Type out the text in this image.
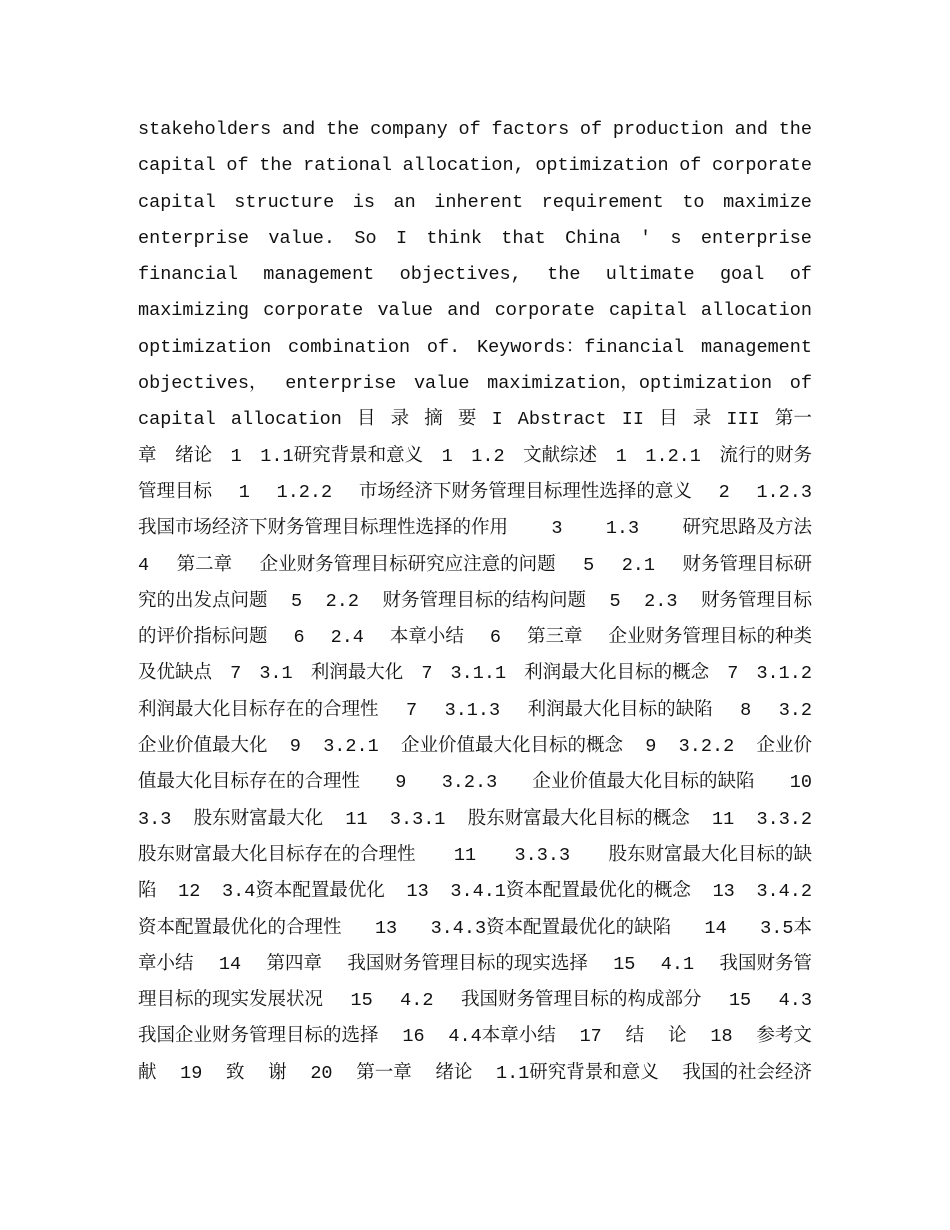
stakeholders and the company of factors of production and the
capital of the rational allocation, optimization of corporate
capital structure is an inherent requirement to maximize
enterprise value. So I think that China ′ s enterprise
financial management objectives, the ultimate goal of
maximizing corporate value and corporate capital allocation
optimization combination of. Keywords：financial management
objectives， enterprise value maximization，optimization of
capital allocation 目 录 摘 要 I Abstract II 目 录 III 第一
章 绪论 1 1.1研究背景和意义 1 1.2 文献综述 1 1.2.1 流行的财务
管理目标 1 1.2.2 市场经济下财务管理目标理性选择的意义 2 1.2.3
我国市场经济下财务管理目标理性选择的作用 3 1.3 研究思路及方法
4 第二章 企业财务管理目标研究应注意的问题 5 2.1 财务管理目标研
究的出发点问题 5 2.2 财务管理目标的结构问题 5 2.3 财务管理目标
的评价指标问题 6 2.4 本章小结 6 第三章 企业财务管理目标的种类
及优缺点 7 3.1 利润最大化 7 3.1.1 利润最大化目标的概念 7 3.1.2
利润最大化目标存在的合理性 7 3.1.3 利润最大化目标的缺陷 8 3.2
企业价值最大化 9 3.2.1 企业价值最大化目标的概念 9 3.2.2 企业价
值最大化目标存在的合理性 9 3.2.3 企业价值最大化目标的缺陷 10
3.3 股东财富最大化 11 3.3.1 股东财富最大化目标的概念 11 3.3.2
股东财富最大化目标存在的合理性 11 3.3.3 股东财富最大化目标的缺
陷 12 3.4资本配置最优化 13 3.4.1资本配置最优化的概念 13 3.4.2
资本配置最优化的合理性 13 3.4.3资本配置最优化的缺陷 14 3.5本
章小结 14 第四章 我国财务管理目标的现实选择 15 4.1 我国财务管
理目标的现实发展状况 15 4.2 我国财务管理目标的构成部分 15 4.3
我国企业财务管理目标的选择 16 4.4本章小结 17 结 论 18 参考文
献 19 致 谢 20 第一章 绪论 1.1研究背景和意义 我国的社会经济
